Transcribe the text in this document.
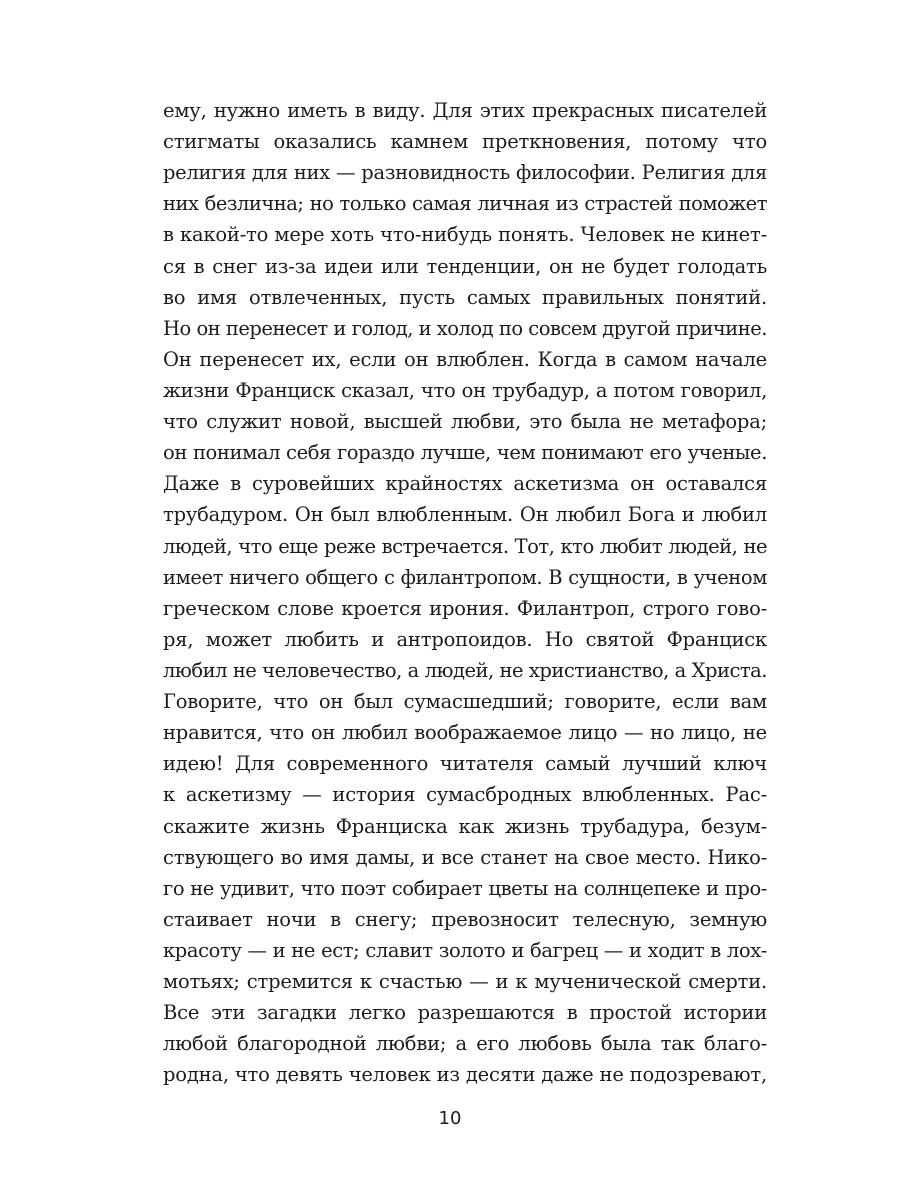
ему, нужно иметь в виду. Для этих прекрасных писателей
стигматы оказались камнем преткновения, потому что
религия для них — разновидность философии. Религия для
них безлична; но только самая личная из страстей поможет
в какой-то мере хоть что-нибудь понять. Человек не кинет-
ся в снег из-за идеи или тенденции, он не будет голодать
во имя отвлеченных, пусть самых правильных понятий.
Но он перенесет и голод, и холод по совсем другой причине.
Он перенесет их, если он влюблен. Когда в самом начале
жизни Франциск сказал, что он трубадур, а потом говорил,
что служит новой, высшей любви, это была не метафора;
он понимал себя гораздо лучше, чем понимают его ученые.
Даже в суровейших крайностях аскетизма он оставался
трубадуром. Он был влюбленным. Он любил Бога и любил
людей, что еще реже встречается. Тот, кто любит людей, не
имеет ничего общего с филантропом. В сущности, в ученом
греческом слове кроется ирония. Филантроп, строго гово-
ря, может любить и антропоидов. Но святой Франциск
любил не человечество, а людей, не христианство, а Христа.
Говорите, что он был сумасшедший; говорите, если вам
нравится, что он любил воображаемое лицо — но лицо, не
идею! Для современного читателя самый лучший ключ
к аскетизму — история сумасбродных влюбленных. Рас-
скажите жизнь Франциска как жизнь трубадура, безум-
ствующего во имя дамы, и все станет на свое место. Нико-
го не удивит, что поэт собирает цветы на солнцепеке и про-
стаивает ночи в снегу; превозносит телесную, земную
красоту — и не ест; славит золото и багрец — и ходит в лох-
мотьях; стремится к счастью — и к мученической смерти.
Все эти загадки легко разрешаются в простой истории
любой благородной любви; а его любовь была так благо-
родна, что девять человек из десяти даже не подозревают,
10
